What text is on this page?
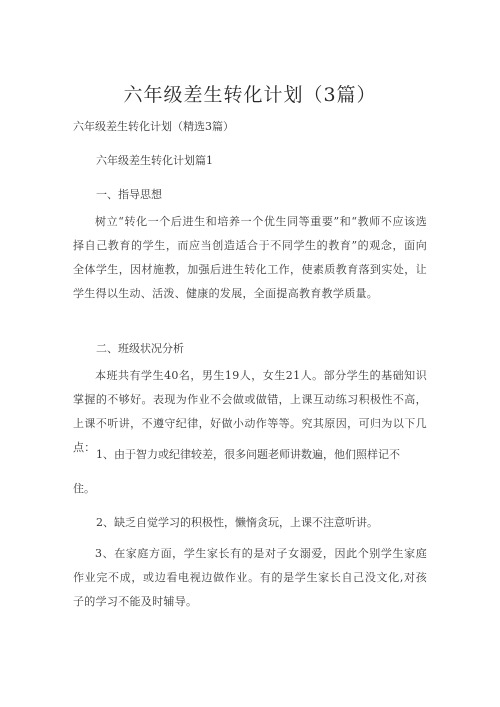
六年级差生转化计划（3篇）
六年级差生转化计划（精选3篇）
六年级差生转化计划篇1
一、指导思想
树立“转化一个后进生和培养一个优生同等重要”和“教师不应该选择自己教育的学生，而应当创造适合于不同学生的教育”的观念，面向全体学生，因材施教，加强后进生转化工作，使素质教育落到实处，让学生得以生动、活泼、健康的发展，全面提高教育教学质量。
二、班级状况分析
本班共有学生40名，男生19人，女生21人。部分学生的基础知识掌握的不够好。表现为作业不会做或做错，上课互动练习积极性不高，上课不听讲，不遵守纪律，好做小动作等等。究其原因，可归为以下几点：
1、由于智力或纪律较差，很多问题老师讲数遍，他们照样记不
住。
2、缺乏自觉学习的积极性，懒惰贪玩，上课不注意听讲。
3、在家庭方面，学生家长有的是对子女溺爱，因此个别学生家庭作业完不成，或边看电视边做作业。有的是学生家长自己没文化,对孩子的学习不能及时辅导。
